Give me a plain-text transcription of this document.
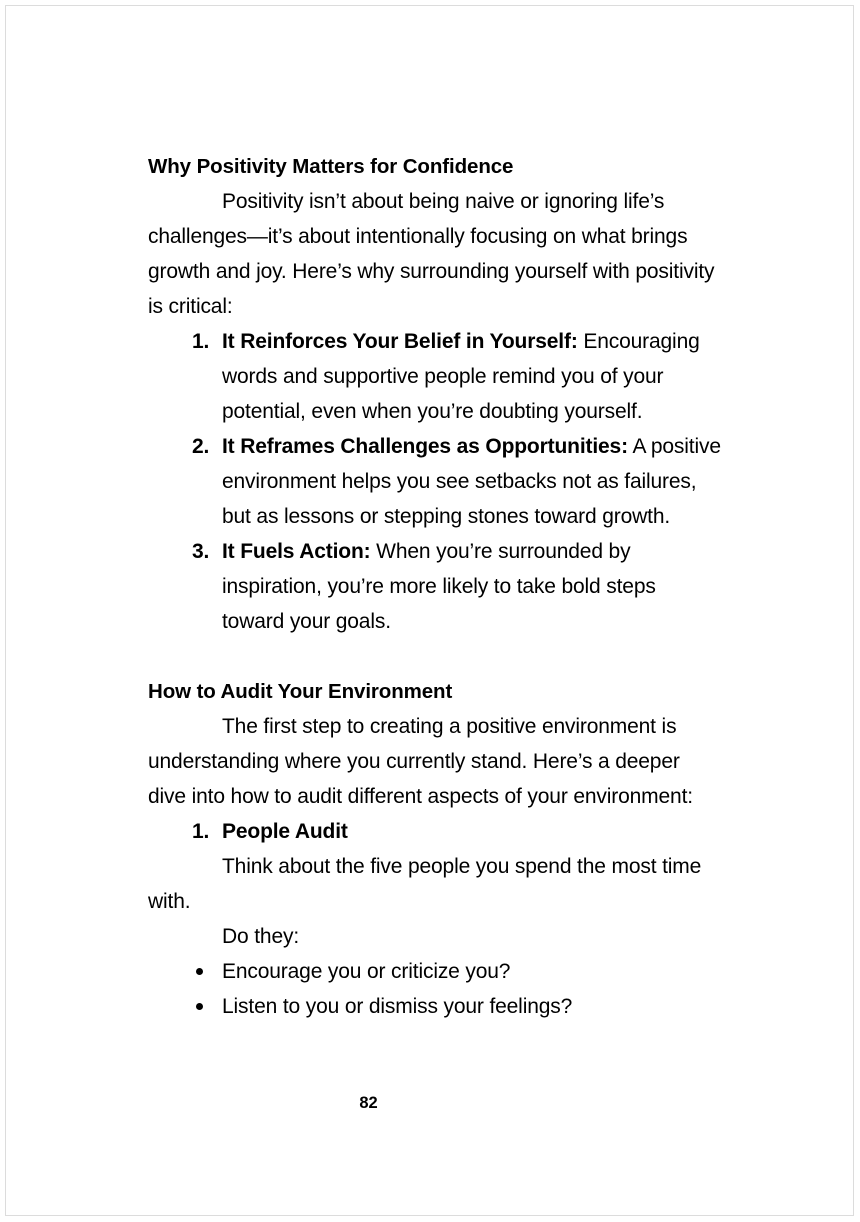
Why Positivity Matters for Confidence

Positivity isn’t about being naive or ignoring life’s challenges—it’s about intentionally focusing on what brings growth and joy. Here’s why surrounding yourself with positivity is critical:

1. It Reinforces Your Belief in Yourself: Encouraging words and supportive people remind you of your potential, even when you’re doubting yourself.
2. It Reframes Challenges as Opportunities: A positive environment helps you see setbacks not as failures, but as lessons or stepping stones toward growth.
3. It Fuels Action: When you’re surrounded by inspiration, you’re more likely to take bold steps toward your goals.
How to Audit Your Environment

The first step to creating a positive environment is understanding where you currently stand. Here’s a deeper dive into how to audit different aspects of your environment:

1. People Audit

Think about the five people you spend the most time with.

Do they:
Encourage you or criticize you?
Listen to you or dismiss your feelings?
82
